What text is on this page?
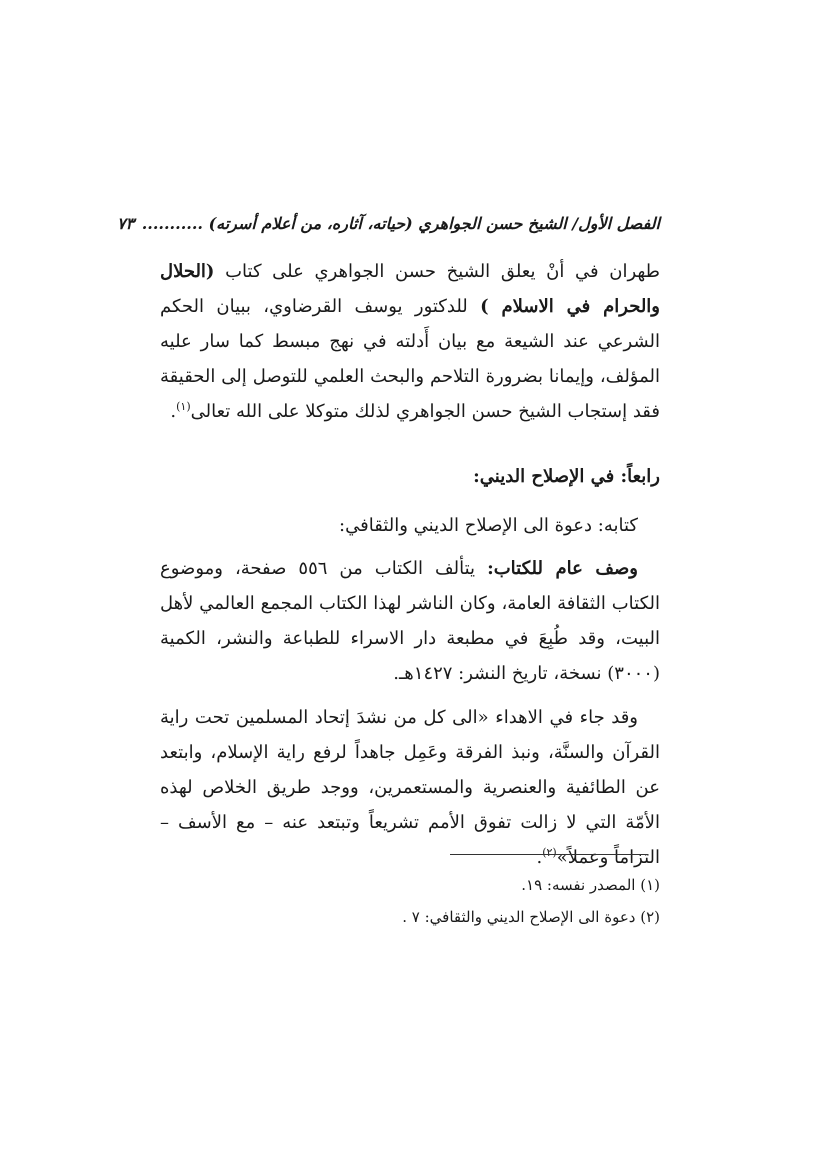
الفصل الأول/ الشيخ حسن الجواهري (حياته، آثاره، من أعلام أسرته) ........... ٧٣
طهران في أنْ يعلق الشيخ حسن الجواهري على كتاب (الحلال والحرام في الاسلام ) للدكتور يوسف القرضاوي، ببيان الحكم الشرعي عند الشيعة مع بيان أَدلته في نهج مبسط كما سار عليه المؤلف، وإيمانا بضرورة التلاحم والبحث العلمي للتوصل إلى الحقيقة فقد إستجاب الشيخ حسن الجواهري لذلك متوكلا على الله تعالى$^{(١)}$.
رابعاً: في الإصلاح الديني:
كتابه: دعوة الى الإصلاح الديني والثقافي:
وصف عام للكتاب: يتألف الكتاب من ٥٥٦ صفحة، وموضوع الكتاب الثقافة العامة، وكان الناشر لهذا الكتاب المجمع العالمي لأهل البيت، وقد طُبِعَ في مطبعة دار الاسراء للطباعة والنشر، الكمية (٣٠٠٠) نسخة، تاريخ النشر: ١٤٢٧هـ.
وقد جاء في الاهداء «الى كل من نشدَ إتحاد المسلمين تحت راية القرآن والسنَّة، ونبذ الفرقة وعَمِل جاهداً لرفع راية الإسلام، وابتعد عن الطائفية والعنصرية والمستعمرين، ووجد طريق الخلاص لهذه الأمّة التي لا زالت تفوق الأمم تشريعاً وتبتعد عنه – مع الأسف – التزاماً وعملاً»$^{(٢)}$.
(١) المصدر نفسه: ١٩.
(٢) دعوة الى الإصلاح الديني والثقافي: ٧ .
